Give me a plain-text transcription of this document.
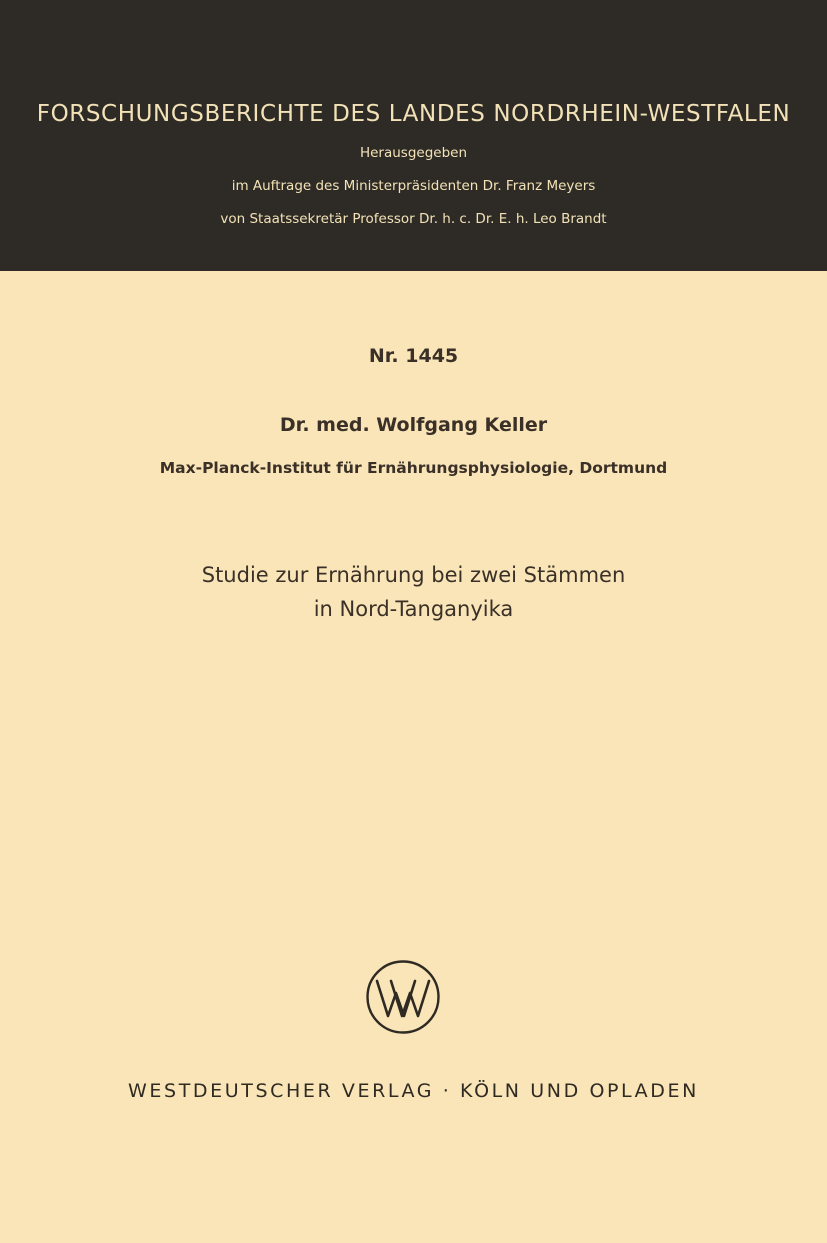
FORSCHUNGSBERICHTE DES LANDES NORDRHEIN-WESTFALEN
Herausgegeben
im Auftrage des Ministerpräsidenten Dr. Franz Meyers
von Staatssekretär Professor Dr. h. c. Dr. E. h. Leo Brandt
Nr. 1445
Dr. med. Wolfgang Keller
Max-Planck-Institut für Ernährungsphysiologie, Dortmund
Studie zur Ernährung bei zwei Stämmen
in Nord-Tanganyika
WESTDEUTSCHER VERLAG · KÖLN UND OPLADEN
